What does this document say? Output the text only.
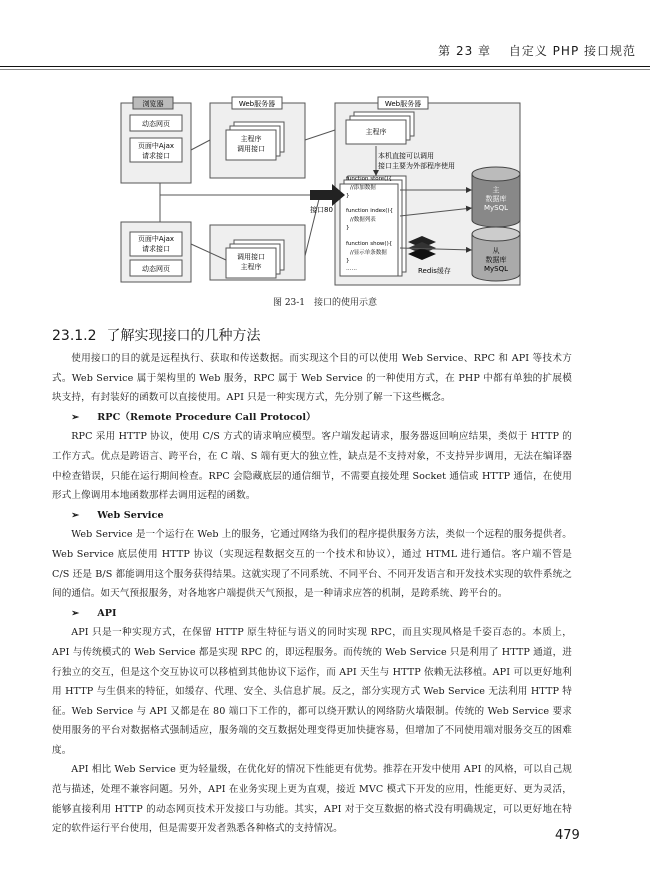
第 23 章　 自定义 PHP 接口规范
浏览器	Web服务器	Web服务器
动态网页
页面中Ajax
请求接口
页面中Ajax
请求接口
动态网页
主程序
调用接口
调用接口
主程序
主程序
本机直接可以调用
接口主要为外部程序使用
function store(){
//添加数据
}
function index(){
//数据列表
}
function show(){
//显示单条数据
}
……
主
数据库
MySQL
从
数据库
MySQL
Redis缓存
接口80
图 23-1　接口的使用示意
23.1.2 了解实现接口的几种方法

使用接口的目的就是远程执行、获取和传送数据。而实现这个目的可以使用 Web Service、RPC 和 API 等技术方式。Web Service 属于架构里的 Web 服务，RPC 属于 Web Service 的一种使用方式，在 PHP 中都有单独的扩展模块支持，有封装好的函数可以直接使用。API 只是一种实现方式，先分别了解一下这些概念。

➢ RPC（Remote Procedure Call Protocol）

RPC 采用 HTTP 协议，使用 C/S 方式的请求响应模型。客户端发起请求，服务器返回响应结果，类似于 HTTP 的工作方式。优点是跨语言、跨平台，在 C 端、S 端有更大的独立性，缺点是不支持对象，不支持异步调用，无法在编译器中检查错误，只能在运行期间检查。RPC 会隐藏底层的通信细节，不需要直接处理 Socket 通信或 HTTP 通信，在使用形式上像调用本地函数那样去调用远程的函数。

➢ Web Service

Web Service 是一个运行在 Web 上的服务，它通过网络为我们的程序提供服务方法，类似一个远程的服务提供者。Web Service 底层使用 HTTP 协议（实现远程数据交互的一个技术和协议），通过 HTML 进行通信。客户端不管是 C/S 还是 B/S 都能调用这个服务获得结果。这就实现了不同系统、不同平台、不同开发语言和开发技术实现的软件系统之间的通信。如天气预报服务，对各地客户端提供天气预报，是一种请求应答的机制，是跨系统、跨平台的。

➢ API

API 只是一种实现方式，在保留 HTTP 原生特征与语义的同时实现 RPC，而且实现风格是千姿百态的。本质上，API 与传统模式的 Web Service 都是实现 RPC 的，即远程服务。而传统的 Web Service 只是利用了 HTTP 通道，进行独立的交互，但是这个交互协议可以移植到其他协议下运作，而 API 天生与 HTTP 依赖无法移植。API 可以更好地利用 HTTP 与生俱来的特征，如缓存、代理、安全、头信息扩展。反之，部分实现方式 Web Service 无法利用 HTTP 特征。Web Service 与 API 又都是在 80 端口下工作的，都可以绕开默认的网络防火墙限制。传统的 Web Service 要求使用服务的平台对数据格式强制适应，服务端的交互数据处理变得更加快捷容易，但增加了不同使用端对服务交互的困难度。

API 相比 Web Service 更为轻量级，在优化好的情况下性能更有优势。推荐在开发中使用 API 的风格，可以自己规范与描述，处理不兼容问题。另外，API 在业务实现上更为直观，接近 MVC 模式下开发的应用，性能更好、更为灵活，能够直接利用 HTTP 的动态网页技术开发接口与功能。其实，API 对于交互数据的格式没有明确规定，可以更好地在特定的软件运行平台使用，但是需要开发者熟悉各种格式的支持情况。	479
